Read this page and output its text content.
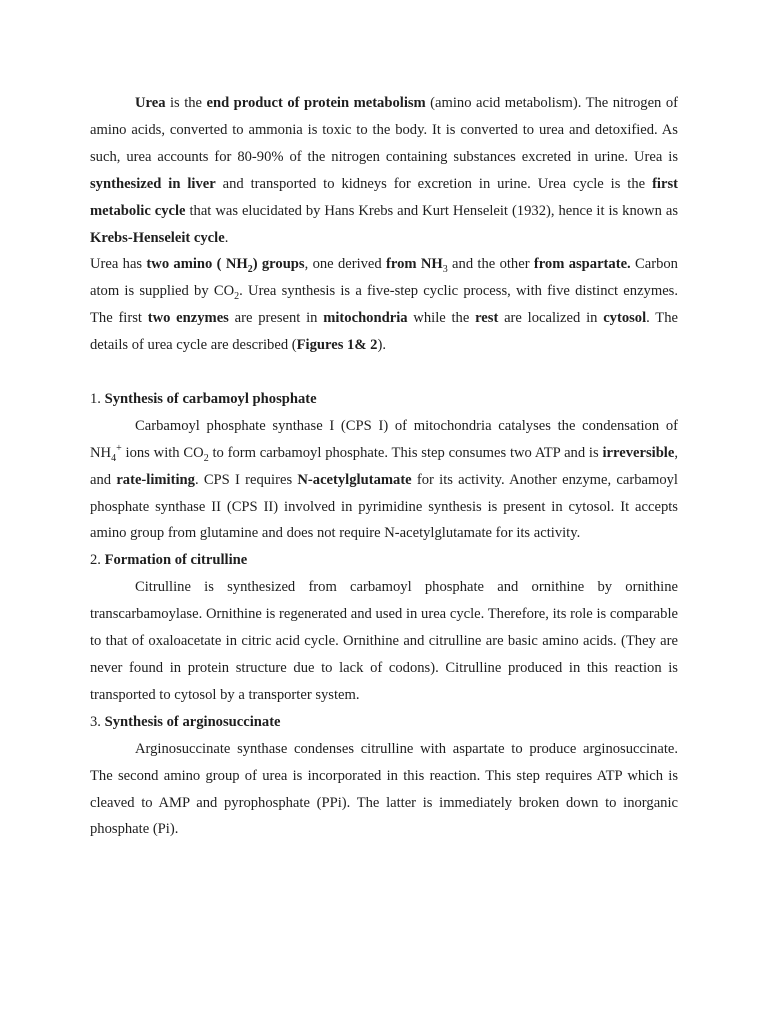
Urea is the end product of protein metabolism (amino acid metabolism). The nitrogen of amino acids, converted to ammonia is toxic to the body. It is converted to urea and detoxified. As such, urea accounts for 80-90% of the nitrogen containing substances excreted in urine. Urea is synthesized in liver and transported to kidneys for excretion in urine. Urea cycle is the first metabolic cycle that was elucidated by Hans Krebs and Kurt Henseleit (1932), hence it is known as Krebs-Henseleit cycle.

Urea has two amino ( $NH_2$) groups, one derived from $NH_3$ and the other from aspartate. Carbon atom is supplied by $CO_2$. Urea synthesis is a five-step cyclic process, with five distinct enzymes. The first two enzymes are present in mitochondria while the rest are localized in cytosol. The details of urea cycle are described (Figures 1& 2).

1. Synthesis of carbamoyl phosphate

Carbamoyl phosphate synthase I (CPS I) of mitochondria catalyses the condensation of $NH_4^+$ ions with $CO_2$ to form carbamoyl phosphate. This step consumes two ATP and is irreversible, and rate-limiting. CPS I requires N-acetylglutamate for its activity. Another enzyme, carbamoyl phosphate synthase II (CPS II) involved in pyrimidine synthesis is present in cytosol. It accepts amino group from glutamine and does not require N-acetylglutamate for its activity.

2. Formation of citrulline

Citrulline is synthesized from carbamoyl phosphate and ornithine by ornithine transcarbamoylase. Ornithine is regenerated and used in urea cycle. Therefore, its role is comparable to that of oxaloacetate in citric acid cycle. Ornithine and citrulline are basic amino acids. (They are never found in protein structure due to lack of codons). Citrulline produced in this reaction is transported to cytosol by a transporter system.

3. Synthesis of arginosuccinate

Arginosuccinate synthase condenses citrulline with aspartate to produce arginosuccinate. The second amino group of urea is incorporated in this reaction. This step requires ATP which is cleaved to AMP and pyrophosphate (PPi). The latter is immediately broken down to inorganic phosphate (Pi).
